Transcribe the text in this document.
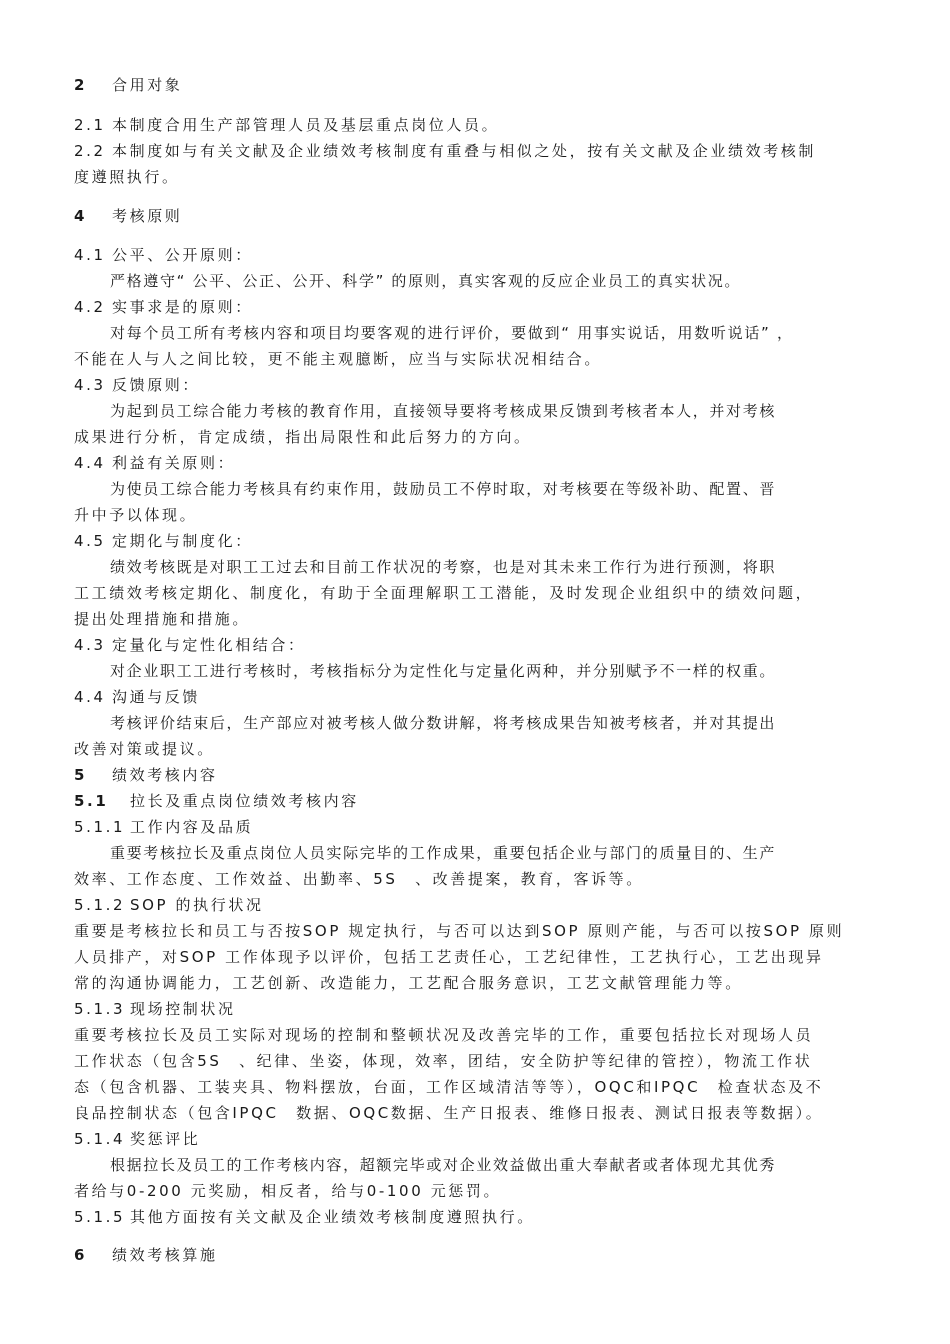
2 合用对象
2.1 本制度合用生产部管理人员及基层重点岗位人员。
2.2 本制度如与有关文献及企业绩效考核制度有重叠与相似之处，按有关文献及企业绩效考核制
度遵照执行。
4 考核原则
4.1 公平、公开原则：
严格遵守“ 公平、公正、公开、科学” 的原则，真实客观的反应企业员工的真实状况。
4.2 实事求是的原则：
对每个员工所有考核内容和项目均要客观的进行评价，要做到“ 用事实说话，用数听说话” ，
不能在人与人之间比较，更不能主观臆断，应当与实际状况相结合。
4.3 反馈原则：
为起到员工综合能力考核的教育作用，直接领导要将考核成果反馈到考核者本人，并对考核
成果进行分析，肯定成绩，指出局限性和此后努力的方向。
4.4 利益有关原则：
为使员工综合能力考核具有约束作用，鼓励员工不停时取，对考核要在等级补助、配置、晋
升中予以体现。
4.5 定期化与制度化：
绩效考核既是对职工工过去和目前工作状况的考察，也是对其未来工作行为进行预测，将职
工工绩效考核定期化、制度化，有助于全面理解职工工潜能，及时发现企业组织中的绩效问题，
提出处理措施和措施。
4.3 定量化与定性化相结合：
对企业职工工进行考核时，考核指标分为定性化与定量化两种，并分别赋予不一样的权重。
4.4 沟通与反馈
考核评价结束后，生产部应对被考核人做分数讲解，将考核成果告知被考核者，并对其提出
改善对策或提议。
5 绩效考核内容
5.1 拉长及重点岗位绩效考核内容
5.1.1 工作内容及品质
重要考核拉长及重点岗位人员实际完毕的工作成果，重要包括企业与部门的质量目的、生产
效率、工作态度、工作效益、出勤率、5S　、改善提案，教育，客诉等。
5.1.2 SOP 的执行状况
重要是考核拉长和员工与否按SOP 规定执行，与否可以达到SOP 原则产能，与否可以按SOP 原则
人员排产，对SOP 工作体现予以评价，包括工艺责任心，工艺纪律性，工艺执行心，工艺出现异
常的沟通协调能力，工艺创新、改造能力，工艺配合服务意识，工艺文献管理能力等。
5.1.3 现场控制状况
重要考核拉长及员工实际对现场的控制和整顿状况及改善完毕的工作，重要包括拉长对现场人员
工作状态（包含5S　、纪律、坐姿，体现，效率，团结，安全防护等纪律的管控），物流工作状
态（包含机器、工装夹具、物料摆放，台面，工作区域清洁等等），OQC和IPQC　检查状态及不
良品控制状态（包含IPQC　数据、OQC数据、生产日报表、维修日报表、测试日报表等数据）。
5.1.4 奖惩评比
根据拉长及员工的工作考核内容，超额完毕或对企业效益做出重大奉献者或者体现尤其优秀
者给与0-200 元奖励，相反者，给与0-100 元惩罚。
5.1.5 其他方面按有关文献及企业绩效考核制度遵照执行。
6 绩效考核算施
